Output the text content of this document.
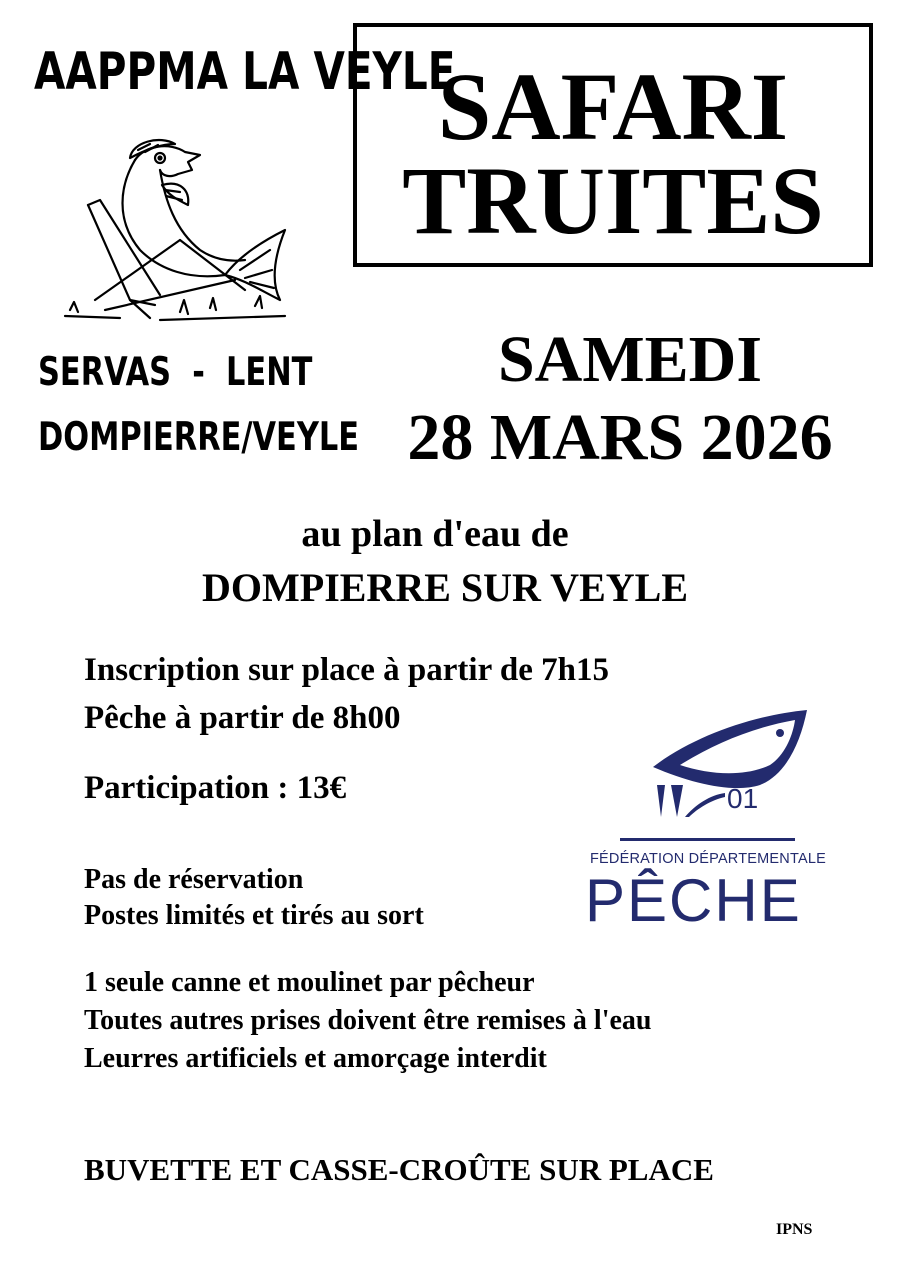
AAPPMA LA VEYLE
SERVAS  -  LENT
DOMPIERRE/VEYLE
SAFARI
TRUITES
SAMEDI
28 MARS 2026
au plan d'eau de
DOMPIERRE SUR VEYLE
Inscription sur place à partir de 7h15
Pêche à partir de 8h00
Participation : 13€
Pas de réservation
Postes limités et tirés au sort
1 seule canne et moulinet par pêcheur
Toutes autres prises doivent être remises à l'eau
Leurres artificiels et amorçage interdit
BUVETTE ET CASSE-CROÛTE SUR PLACE
01
FÉDÉRATION DÉPARTEMENTALE
PÊCHE
IPNS
